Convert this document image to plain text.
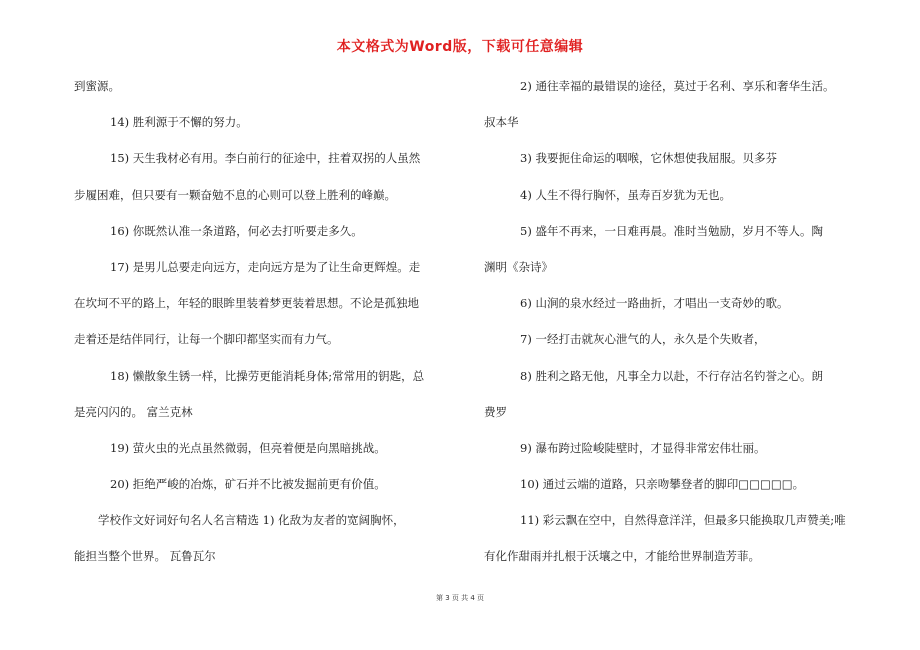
本文格式为Word版，下载可任意编辑
到蜜源。
14) 胜利源于不懈的努力。
15) 天生我材必有用。李白前行的征途中，拄着双拐的人虽然
步履困难，但只要有一颗奋勉不息的心则可以登上胜利的峰巅。
16) 你既然认准一条道路，何必去打听要走多久。
17) 是男儿总要走向远方，走向远方是为了让生命更辉煌。走
在坎坷不平的路上，年轻的眼眸里装着梦更装着思想。不论是孤独地
走着还是结伴同行，让每一个脚印都坚实而有力气。
18) 懒散象生锈一样，比操劳更能消耗身体;常常用的钥匙，总
是亮闪闪的。 富兰克林
19) 萤火虫的光点虽然微弱，但亮着便是向黑暗挑战。
20) 拒绝严峻的冶炼，矿石并不比被发掘前更有价值。
学校作文好词好句名人名言精选 1) 化敌为友者的宽阔胸怀，
能担当整个世界。 瓦鲁瓦尔
2) 通往幸福的最错误的途径，莫过于名利、享乐和奢华生活。
叔本华
3) 我要扼住命运的咽喉，它休想使我屈服。贝多芬
4) 人生不得行胸怀，虽寿百岁犹为无也。
5) 盛年不再来，一日难再晨。准时当勉励，岁月不等人。陶
渊明《杂诗》
6) 山涧的泉水经过一路曲折，才唱出一支奇妙的歌。
7) 一经打击就灰心泄气的人，永久是个失败者，
8) 胜利之路无他，凡事全力以赴，不行存沽名钓誉之心。朗
费罗
9) 瀑布跨过险峻陡壁时，才显得非常宏伟壮丽。
10) 通过云端的道路，只亲吻攀登者的脚印□□□□□。
11) 彩云飘在空中，自然得意洋洋，但最多只能换取几声赞美;唯
有化作甜雨并扎根于沃壤之中，才能给世界制造芳菲。
第 3 页 共 4 页
